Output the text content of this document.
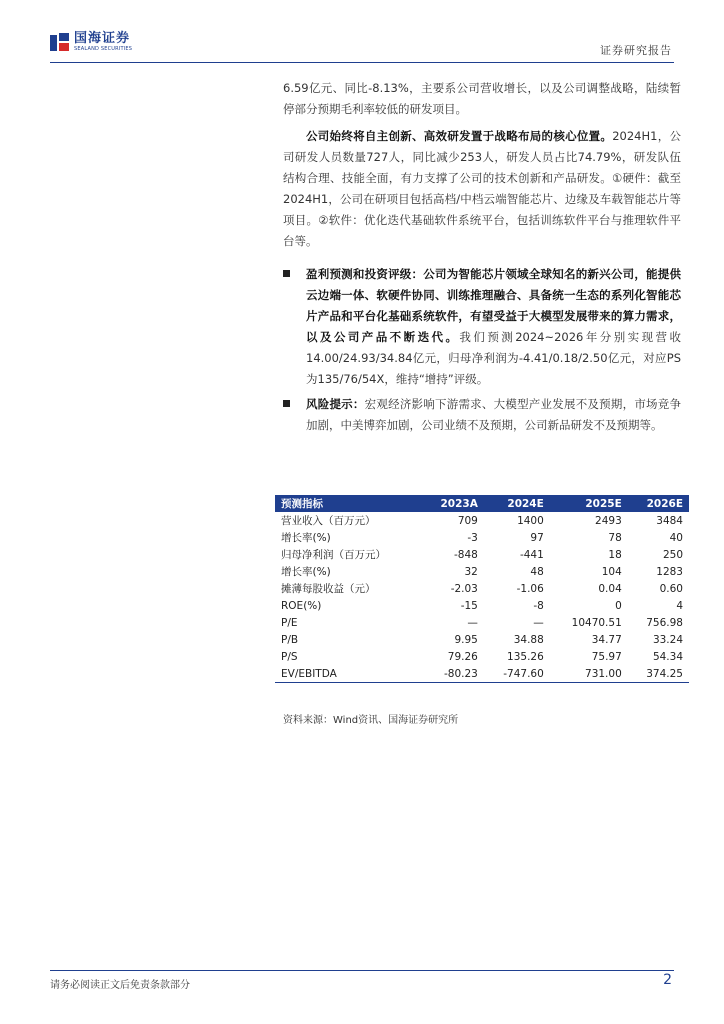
国海证券
SEALAND SECURITIES	证券研究报告
6.59亿元、同比-8.13%，主要系公司营收增长，以及公司调整战略，陆续暂停部分预期毛利率较低的研发项目。
公司始终将自主创新、高效研发置于战略布局的核心位置。2024H1，公司研发人员数量727人，同比减少253人，研发人员占比74.79%，研发队伍结构合理、技能全面，有力支撑了公司的技术创新和产品研发。①硬件：截至2024H1，公司在研项目包括高档/中档云端智能芯片、边缘及车载智能芯片等项目。②软件：优化迭代基础软件系统平台，包括训练软件平台与推理软件平台等。
盈利预测和投资评级：公司为智能芯片领域全球知名的新兴公司，能提供云边端一体、软硬件协同、训练推理融合、具备统一生态的系列化智能芯片产品和平台化基础系统软件，有望受益于大模型发展带来的算力需求，以及公司产品不断迭代。我们预测2024~2026年分别实现营收14.00/24.93/34.84亿元，归母净利润为-4.41/0.18/2.50亿元，对应PS为135/76/54X，维持“增持”评级。
风险提示：宏观经济影响下游需求、大模型产业发展不及预期，市场竞争加剧，中美博弈加剧，公司业绩不及预期，公司新品研发不及预期等。
预测指标	2023A	2024E	2025E	2026E
营业收入（百万元）	709	1400	2493	3484
增长率(%)	-3	97	78	40
归母净利润（百万元）	-848	-441	18	250
增长率(%)	32	48	104	1283
摊薄每股收益（元）	-2.03	-1.06	0.04	0.60
ROE(%)	-15	-8	0	4
P/E	—	—	10470.51	756.98
P/B	9.95	34.88	34.77	33.24
P/S	79.26	135.26	75.97	54.34
EV/EBITDA	-80.23	-747.60	731.00	374.25
资料来源：Wind资讯、国海证券研究所
请务必阅读正文后免责条款部分	2
